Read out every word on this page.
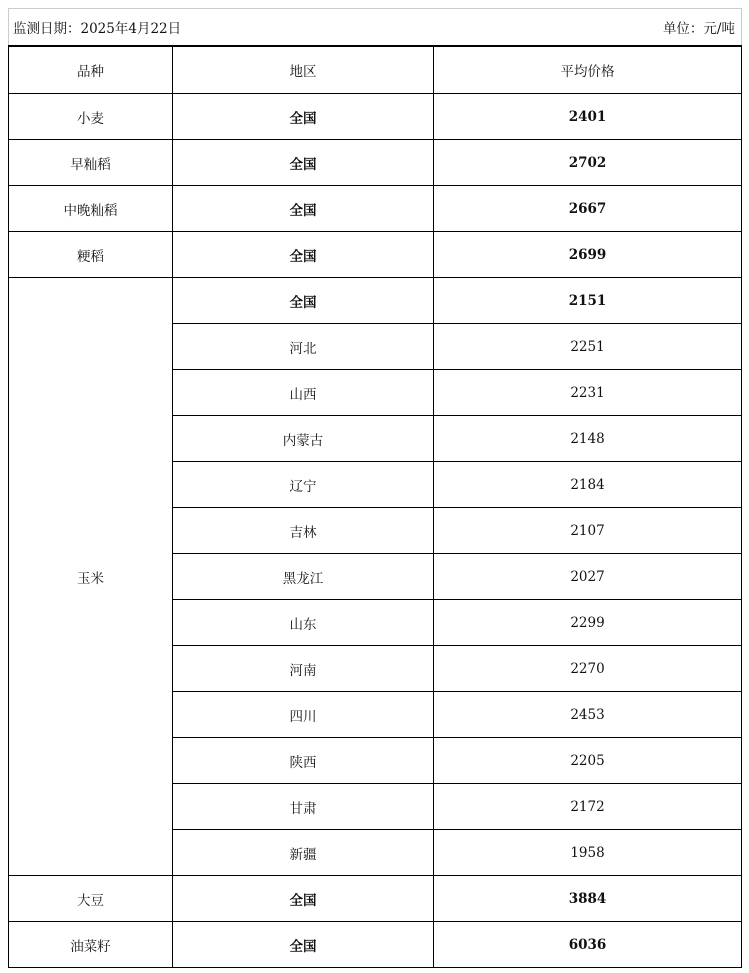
监测日期：2025年4月22日	单位：元/吨
品种	地区	平均价格
小麦	全国	2401
早籼稻	全国	2702
中晚籼稻	全国	2667
粳稻	全国	2699
玉米	全国	2151
	河北	2251
	山西	2231
	内蒙古	2148
	辽宁	2184
	吉林	2107
	黑龙江	2027
	山东	2299
	河南	2270
	四川	2453
	陕西	2205
	甘肃	2172
	新疆	1958
大豆	全国	3884
油菜籽	全国	6036
